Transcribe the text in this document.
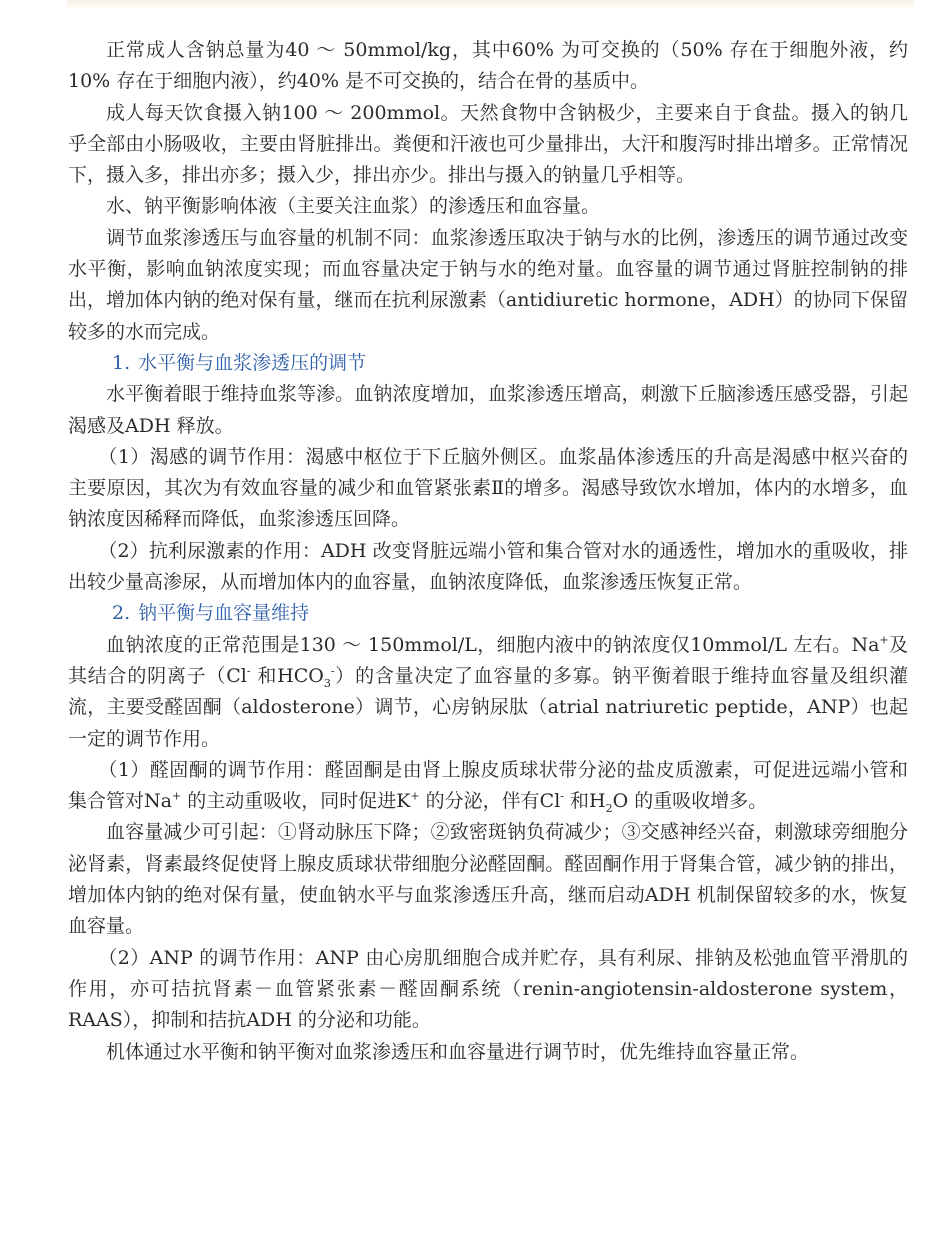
正常成人含钠总量为40 ～ 50mmol/kg，其中60% 为可交换的（50% 存在于细胞外液，约10% 存在于细胞内液），约40% 是不可交换的，结合在骨的基质中。

成人每天饮食摄入钠100 ～ 200mmol。天然食物中含钠极少，主要来自于食盐。摄入的钠几乎全部由小肠吸收，主要由肾脏排出。粪便和汗液也可少量排出，大汗和腹泻时排出增多。正常情况下，摄入多，排出亦多；摄入少，排出亦少。排出与摄入的钠量几乎相等。

水、钠平衡影响体液（主要关注血浆）的渗透压和血容量。

调节血浆渗透压与血容量的机制不同：血浆渗透压取决于钠与水的比例，渗透压的调节通过改变水平衡，影响血钠浓度实现；而血容量决定于钠与水的绝对量。血容量的调节通过肾脏控制钠的排出，增加体内钠的绝对保有量，继而在抗利尿激素（antidiuretic hormone，ADH）的协同下保留较多的水而完成。

1. 水平衡与血浆渗透压的调节

水平衡着眼于维持血浆等渗。血钠浓度增加，血浆渗透压增高，刺激下丘脑渗透压感受器，引起渴感及ADH 释放。

（1）渴感的调节作用：渴感中枢位于下丘脑外侧区。血浆晶体渗透压的升高是渴感中枢兴奋的主要原因，其次为有效血容量的减少和血管紧张素Ⅱ的增多。渴感导致饮水增加，体内的水增多，血钠浓度因稀释而降低，血浆渗透压回降。

（2）抗利尿激素的作用：ADH 改变肾脏远端小管和集合管对水的通透性，增加水的重吸收，排出较少量高渗尿，从而增加体内的血容量，血钠浓度降低，血浆渗透压恢复正常。

2. 钠平衡与血容量维持

血钠浓度的正常范围是130 ～ 150mmol/L，细胞内液中的钠浓度仅10mmol/L 左右。Na+及其结合的阴离子（Cl- 和$HCO_3^-$）的含量决定了血容量的多寡。钠平衡着眼于维持血容量及组织灌流，主要受醛固酮（aldosterone）调节，心房钠尿肽（atrial natriuretic peptide，ANP）也起一定的调节作用。

（1）醛固酮的调节作用：醛固酮是由肾上腺皮质球状带分泌的盐皮质激素，可促进远端小管和集合管对Na+ 的主动重吸收，同时促进K+ 的分泌，伴有Cl- 和$H_2O$ 的重吸收增多。

血容量减少可引起：①肾动脉压下降；②致密斑钠负荷减少；③交感神经兴奋，刺激球旁细胞分泌肾素，肾素最终促使肾上腺皮质球状带细胞分泌醛固酮。醛固酮作用于肾集合管，减少钠的排出，增加体内钠的绝对保有量，使血钠水平与血浆渗透压升高，继而启动ADH 机制保留较多的水，恢复血容量。

（2）ANP 的调节作用：ANP 由心房肌细胞合成并贮存，具有利尿、排钠及松弛血管平滑肌的作用，亦可拮抗肾素－血管紧张素－醛固酮系统（renin-angiotensin-aldosterone system，RAAS），抑制和拮抗ADH 的分泌和功能。

机体通过水平衡和钠平衡对血浆渗透压和血容量进行调节时，优先维持血容量正常。
